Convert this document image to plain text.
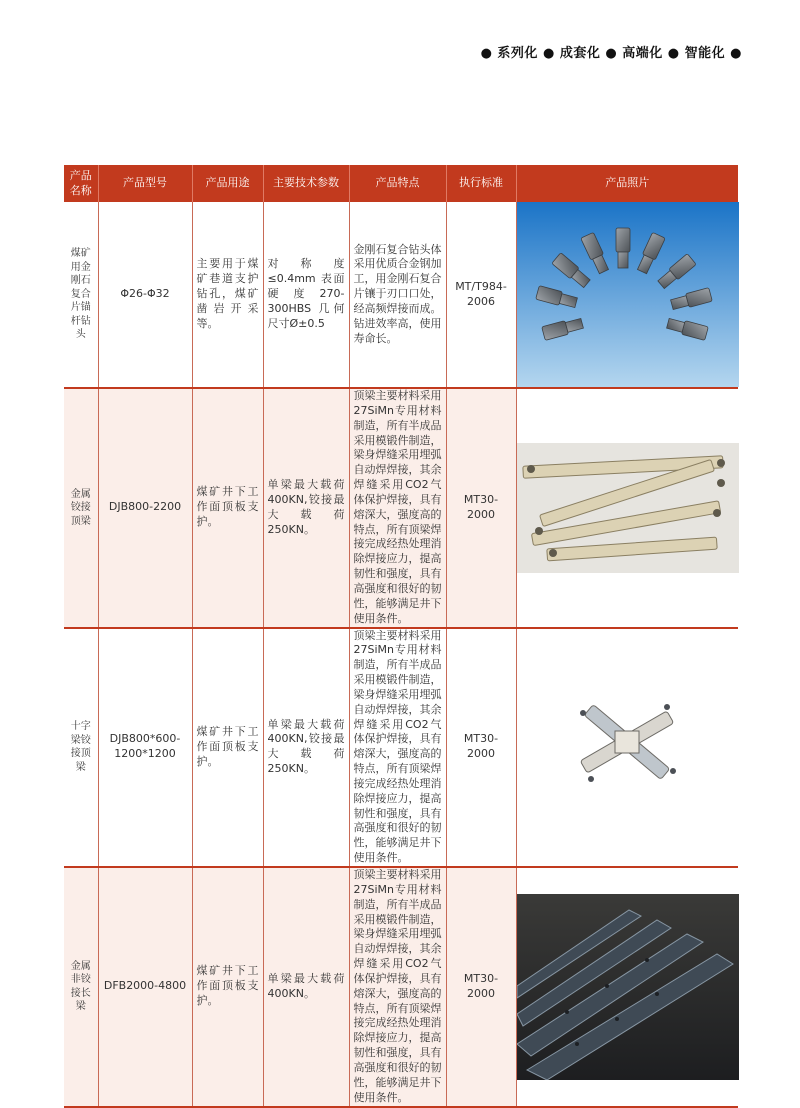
● 系列化 ● 成套化 ● 高端化 ● 智能化 ●
产品名称	产品型号	产品用途	主要技术参数	产品特点	执行标准	产品照片
煤矿用金刚石复合片锚杆钻头	Φ26-Φ32	主要用于煤矿巷道支护钻孔，煤矿凿岩开采等。	对称度≤0.4mm 表面硬度270-300HBS 几何尺寸Ø±0.5	金刚石复合钻头体采用优质合金钢加工，用金刚石复合片镶于刃口口处，经高频焊接而成。钻进效率高，使用寿命长。	MT/T984-2006	

金属铰接顶梁	DJB800-2200	煤矿井下工作面顶板支护。	单梁最大载荷400KN,铰接最大载荷250KN。	顶梁主要材料采用27SiMn专用材料制造，所有半成品采用模锻件制造，梁身焊缝采用埋弧自动焊焊接，其余焊缝采用CO2气体保护焊接，具有熔深大，强度高的特点，所有顶梁焊接完成经热处理消除焊接应力，提高韧性和强度，具有高强度和很好的韧性，能够满足井下使用条件。	MT30-2000	

十字梁铰接顶梁	DJB800*600-1200*1200	煤矿井下工作面顶板支护。	单梁最大载荷400KN,铰接最大载荷250KN。	顶梁主要材料采用27SiMn专用材料制造，所有半成品采用模锻件制造，梁身焊缝采用埋弧自动焊焊接，其余焊缝采用CO2气体保护焊接，具有熔深大，强度高的特点，所有顶梁焊接完成经热处理消除焊接应力，提高韧性和强度，具有高强度和很好的韧性，能够满足井下使用条件。	MT30-2000	

金属非铰接长梁	DFB2000-4800	煤矿井下工作面顶板支护。	单梁最大载荷400KN。	顶梁主要材料采用27SiMn专用材料制造，所有半成品采用模锻件制造，梁身焊缝采用埋弧自动焊焊接，其余焊缝采用CO2气体保护焊接，具有熔深大，强度高的特点，所有顶梁焊接完成经热处理消除焊接应力，提高韧性和强度，具有高强度和很好的韧性，能够满足井下使用条件。	MT30-2000	
